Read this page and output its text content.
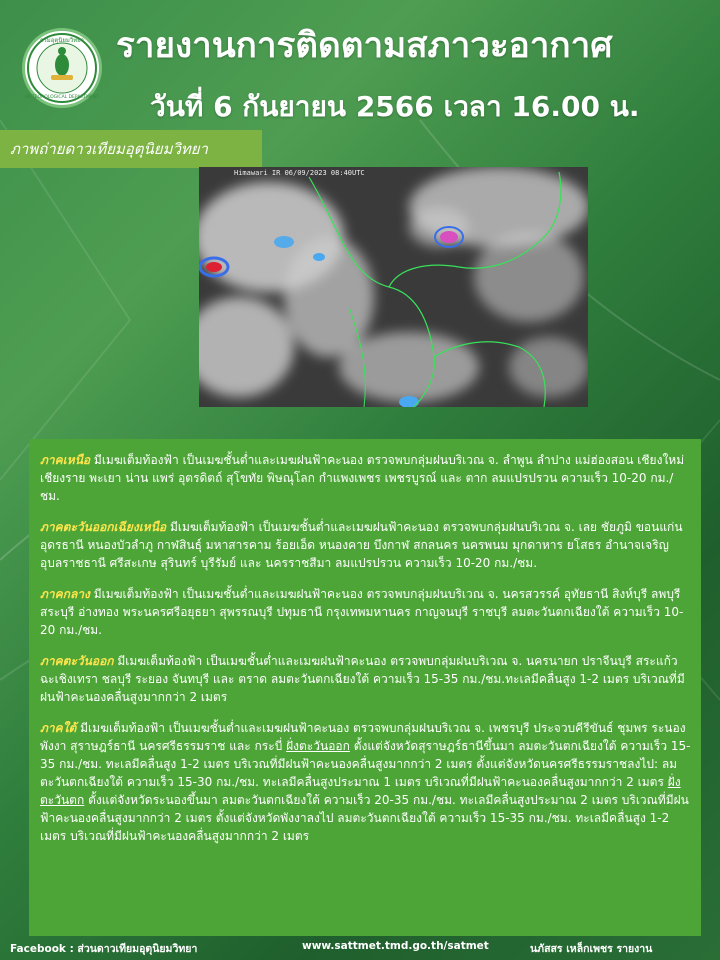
กรมอุตุนิยมวิทยา
METEOROLOGICAL DEPARTMENT
รายงานการติดตามสภาวะอากาศ
วันที่ 6 กันยายน 2566 เวลา 16.00 น.
ภาพถ่ายดาวเทียมอุตุนิยมวิทยา
Himawari IR 06/09/2023 08:40UTC

ภาคเหนือ มีเมฆเต็มท้องฟ้า เป็นเมฆชั้นต่ำและเมฆฝนฟ้าคะนอง ตรวจพบกลุ่มฝนบริเวณ จ. ลำพูน ลำปาง แม่ฮ่องสอน เชียงใหม่ เชียงราย พะเยา น่าน แพร่ อุตรดิตถ์ สุโขทัย พิษณุโลก กำแพงเพชร เพชรบูรณ์ และ ตาก ลมแปรปรวน ความเร็ว 10-20 กม./ชม.

ภาคตะวันออกเฉียงเหนือ มีเมฆเต็มท้องฟ้า เป็นเมฆชั้นต่ำและเมฆฝนฟ้าคะนอง ตรวจพบกลุ่มฝนบริเวณ จ. เลย ชัยภูมิ ขอนแก่น อุดรธานี หนองบัวลำภู กาฬสินธุ์ มหาสารคาม ร้อยเอ็ด หนองคาย บึงกาฬ สกลนคร นครพนม มุกดาหาร ยโสธร อำนาจเจริญ อุบลราชธานี ศรีสะเกษ สุรินทร์ บุรีรัมย์ และ นครราชสีมา ลมแปรปรวน ความเร็ว 10-20 กม./ชม.

ภาคกลาง มีเมฆเต็มท้องฟ้า เป็นเมฆชั้นต่ำและเมฆฝนฟ้าคะนอง ตรวจพบกลุ่มฝนบริเวณ จ. นครสวรรค์ อุทัยธานี สิงห์บุรี ลพบุรี สระบุรี อ่างทอง พระนครศรีอยุธยา สุพรรณบุรี ปทุมธานี กรุงเทพมหานคร กาญจนบุรี ราชบุรี ลมตะวันตกเฉียงใต้ ความเร็ว 10-20 กม./ชม.

ภาคตะวันออก มีเมฆเต็มท้องฟ้า เป็นเมฆชั้นต่ำและเมฆฝนฟ้าคะนอง ตรวจพบกลุ่มฝนบริเวณ จ. นครนายก ปราจีนบุรี สระแก้ว ฉะเชิงเทรา ชลบุรี ระยอง จันทบุรี และ ตราด ลมตะวันตกเฉียงใต้ ความเร็ว 15-35 กม./ชม.ทะเลมีคลื่นสูง 1-2 เมตร บริเวณที่มีฝนฟ้าคะนองคลื่นสูงมากกว่า 2 เมตร

ภาคใต้ มีเมฆเต็มท้องฟ้า เป็นเมฆชั้นต่ำและเมฆฝนฟ้าคะนอง ตรวจพบกลุ่มฝนบริเวณ จ. เพชรบุรี ประจวบคีรีขันธ์ ชุมพร ระนอง พังงา สุราษฎร์ธานี นครศรีธรรมราช และ กระบี่ ฝั่งตะวันออก ตั้งแต่จังหวัดสุราษฎร์ธานีขึ้นมา ลมตะวันตกเฉียงใต้ ความเร็ว 15-35 กม./ชม. ทะเลมีคลื่นสูง 1-2 เมตร บริเวณที่มีฝนฟ้าคะนองคลื่นสูงมากกว่า 2 เมตร ตั้งแต่จังหวัดนครศรีธรรมราชลงไป: ลมตะวันตกเฉียงใต้ ความเร็ว 15-30 กม./ชม. ทะเลมีคลื่นสูงประมาณ 1 เมตร บริเวณที่มีฝนฟ้าคะนองคลื่นสูงมากกว่า 2 เมตร ฝั่งตะวันตก ตั้งแต่จังหวัดระนองขึ้นมา ลมตะวันตกเฉียงใต้ ความเร็ว 20-35 กม./ชม. ทะเลมีคลื่นสูงประมาณ 2 เมตร บริเวณที่มีฝนฟ้าคะนองคลื่นสูงมากกว่า 2 เมตร ตั้งแต่จังหวัดพังงาลงไป ลมตะวันตกเฉียงใต้ ความเร็ว 15-35 กม./ชม. ทะเลมีคลื่นสูง 1-2 เมตร บริเวณที่มีฝนฟ้าคะนองคลื่นสูงมากกว่า 2 เมตร

Facebook : ส่วนดาวเทียมอุตุนิยมวิทยา	www.sattmet.tmd.go.th/satmet	นภัสสร เหล็กเพชร รายงาน
